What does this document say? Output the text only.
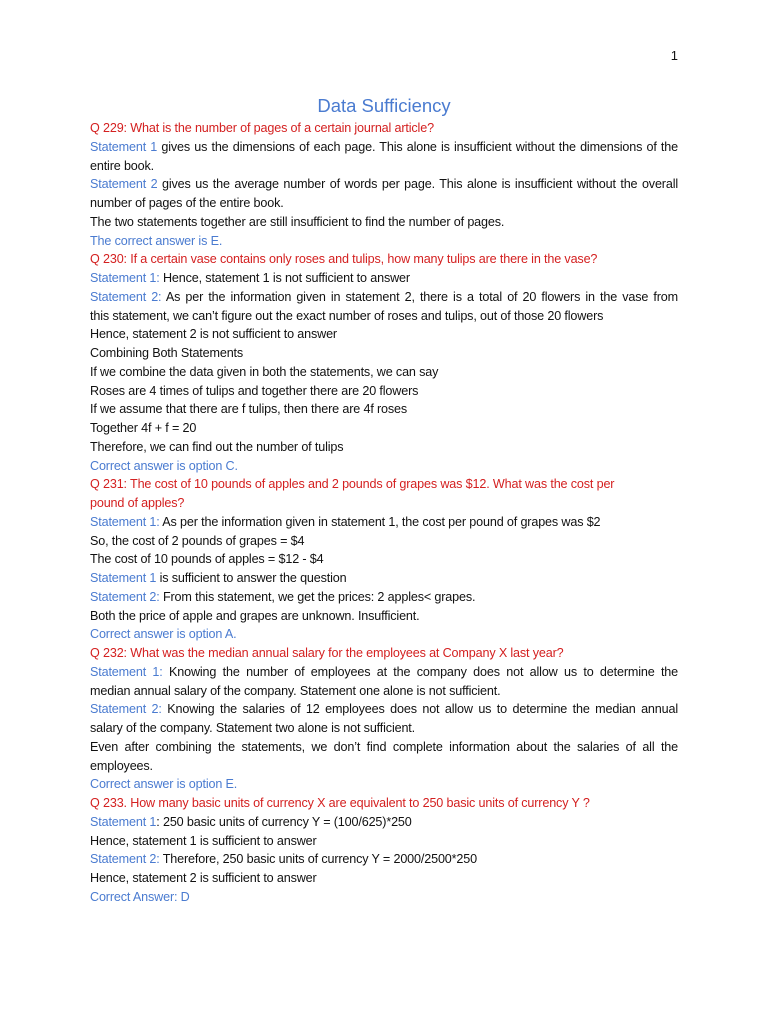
1
Data Sufficiency
Q 229: What is the number of pages of a certain journal article?
Statement 1 gives us the dimensions of each page. This alone is insufficient without the dimensions of the
entire book.
Statement 2 gives us the average number of words per page. This alone is insufficient without the overall
number of pages of the entire book.
The two statements together are still insufficient to find the number of pages.
The correct answer is E.
Q 230: If a certain vase contains only roses and tulips, how many tulips are there in the vase?
Statement 1: Hence, statement 1 is not sufficient to answer
Statement 2: As per the information given in statement 2, there is a total of 20 flowers in the vase from
this statement, we can’t figure out the exact number of roses and tulips, out of those 20 flowers
Hence, statement 2 is not sufficient to answer
Combining Both Statements
If we combine the data given in both the statements, we can say
Roses are 4 times of tulips and together there are 20 flowers
If we assume that there are f tulips, then there are 4f roses
Together 4f + f = 20
Therefore, we can find out the number of tulips
Correct answer is option C.
Q 231: The cost of 10 pounds of apples and 2 pounds of grapes was $12. What was the cost per
pound of apples?
Statement 1: As per the information given in statement 1, the cost per pound of grapes was $2
So, the cost of 2 pounds of grapes = $4
The cost of 10 pounds of apples = $12 - $4
Statement 1 is sufficient to answer the question
Statement 2: From this statement, we get the prices: 2 apples< grapes.
Both the price of apple and grapes are unknown. Insufficient.
Correct answer is option A.
Q 232: What was the median annual salary for the employees at Company X last year?
Statement 1: Knowing the number of employees at the company does not allow us to determine the
median annual salary of the company. Statement one alone is not sufficient.
Statement 2: Knowing the salaries of 12 employees does not allow us to determine the median annual
salary of the company. Statement two alone is not sufficient.
Even after combining the statements, we don’t find complete information about the salaries of all the
employees.
Correct answer is option E.
Q 233. How many basic units of currency X are equivalent to 250 basic units of currency Y ?
Statement 1: 250 basic units of currency Y = (100/625)*250
Hence, statement 1 is sufficient to answer
Statement 2: Therefore, 250 basic units of currency Y = 2000/2500*250
Hence, statement 2 is sufficient to answer
Correct Answer: D
